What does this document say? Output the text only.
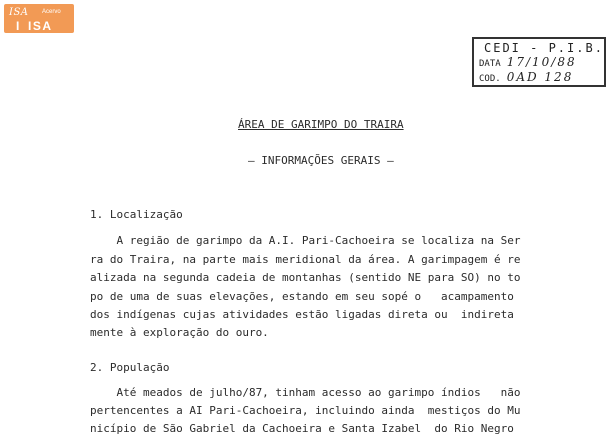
ISA Acervo
I ISA
CEDI - P.I.B.
DATA 17/10/88
COD. 0AD 128
ÁREA DE GARIMPO DO TRAIRA
— INFORMAÇÕES GERAIS —
1. Localização
A região de garimpo da A.I. Pari-Cachoeira se localiza na Ser
ra do Traira, na parte mais meridional da área. A garimpagem é re
alizada na segunda cadeia de montanhas (sentido NE para SO) no to
po de uma de suas elevações, estando em seu sopé o   acampamento
dos indígenas cujas atividades estão ligadas direta ou  indireta
mente à exploração do ouro.
2. População
Até meados de julho/87, tinham acesso ao garimpo índios   não
pertencentes a AI Pari-Cachoeira, incluindo ainda  mestiços do Mu
nicípio de São Gabriel da Cachoeira e Santa Izabel  do Rio Negro
